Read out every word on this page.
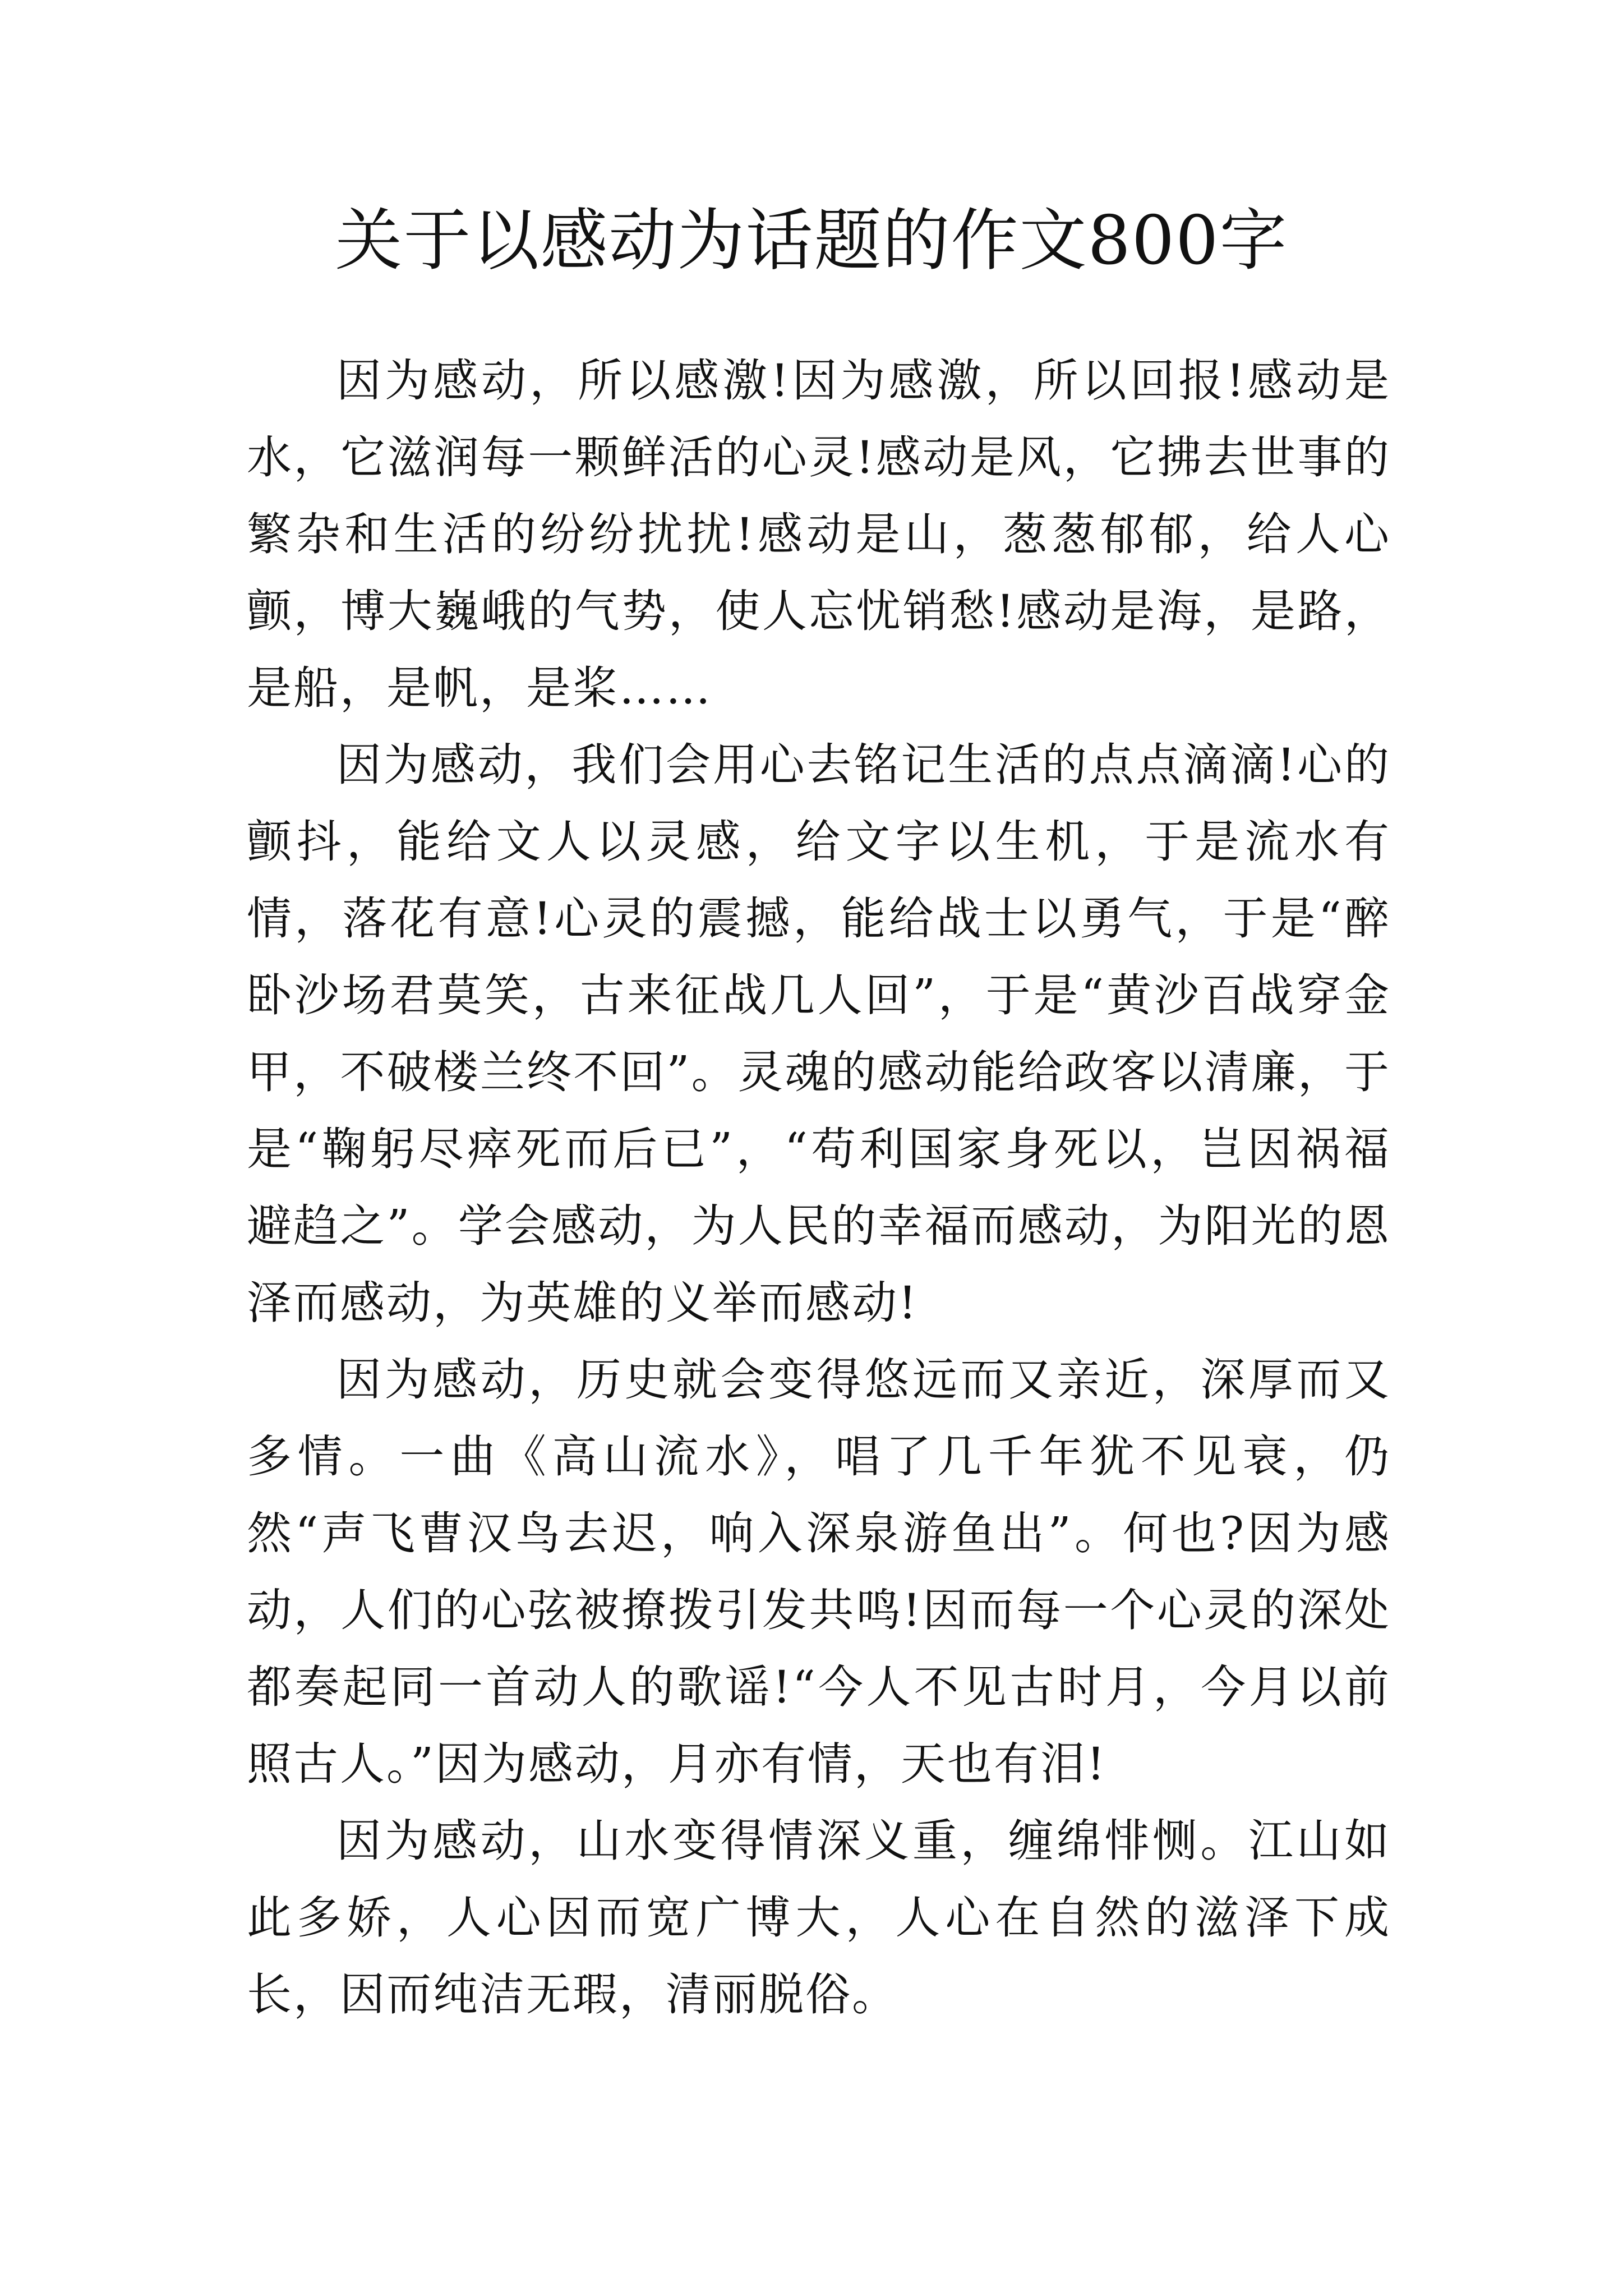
关于以感动为话题的作文800字

因为感动，所以感激!因为感激，所以回报!感动是水，它滋润每一颗鲜活的心灵!感动是风，它拂去世事的繁杂和生活的纷纷扰扰!感动是山，葱葱郁郁，给人心颤，博大巍峨的气势，使人忘忧销愁!感动是海，是路，是船，是帆，是桨……

因为感动，我们会用心去铭记生活的点点滴滴!心的颤抖，能给文人以灵感，给文字以生机，于是流水有情，落花有意!心灵的震撼，能给战士以勇气，于是“醉卧沙场君莫笑，古来征战几人回”，于是“黄沙百战穿金甲，不破楼兰终不回”。灵魂的感动能给政客以清廉，于是“鞠躬尽瘁死而后已”，“苟利国家身死以，岂因祸福避趋之”。学会感动，为人民的幸福而感动，为阳光的恩泽而感动，为英雄的义举而感动!

因为感动，历史就会变得悠远而又亲近，深厚而又多情。一曲《高山流水》，唱了几千年犹不见衰，仍然“声飞曹汉鸟去迟，响入深泉游鱼出”。何也?因为感动，人们的心弦被撩拨引发共鸣!因而每一个心灵的深处都奏起同一首动人的歌谣!“今人不见古时月，今月以前照古人。”因为感动，月亦有情，天也有泪!

因为感动，山水变得情深义重，缠绵悱恻。江山如此多娇，人心因而宽广博大，人心在自然的滋泽下成长，因而纯洁无瑕，清丽脱俗。
